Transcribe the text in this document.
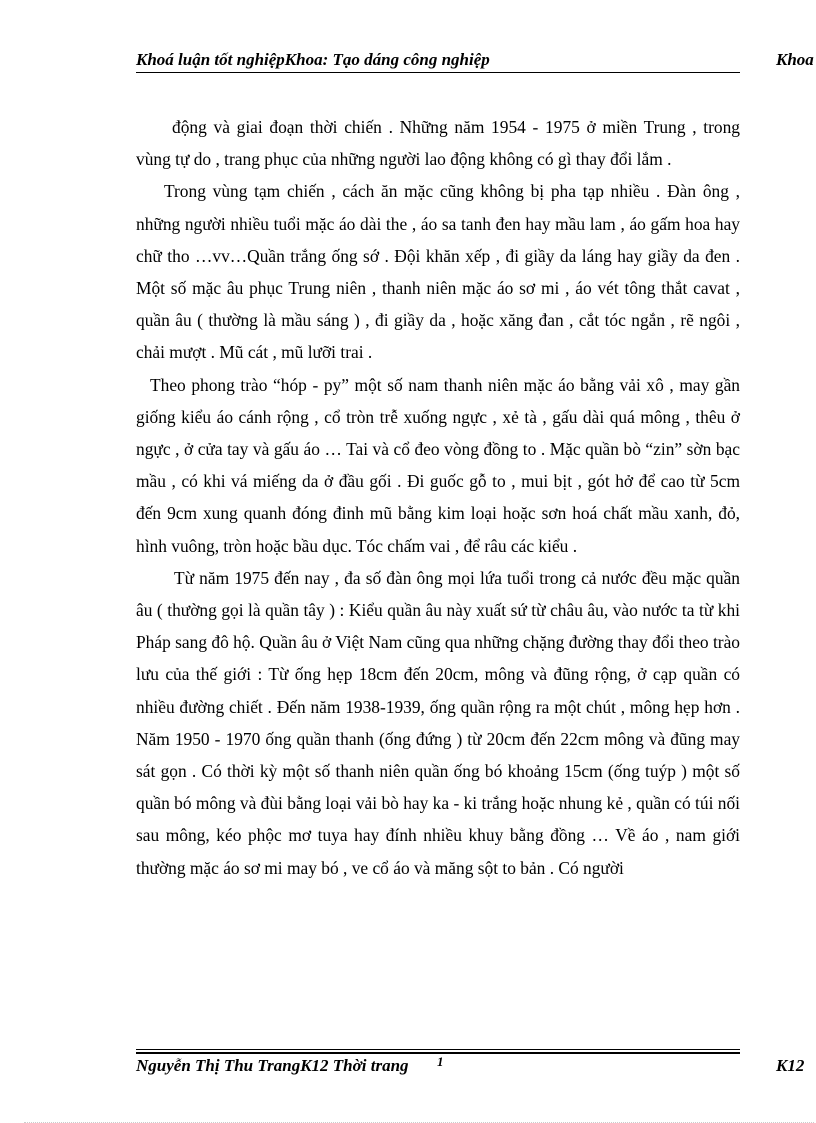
Khoá luận tốt nghiệpKhoa: Tạo dáng công nghiệp	Khoa

động và giai đoạn thời chiến . Những năm 1954 - 1975 ở miền Trung , trong vùng tự do , trang phục của những người lao động không có gì thay đổi lắm .

Trong vùng tạm chiến , cách ăn mặc cũng không bị pha tạp nhiều . Đàn ông , những người nhiều tuổi mặc áo dài the , áo sa tanh đen hay mầu lam , áo gấm hoa hay chữ tho …vv…Quần trắng ống sớ . Đội khăn xếp , đi giầy da láng hay giầy da đen . Một số mặc âu phục Trung niên , thanh niên mặc áo sơ mi , áo vét tông thắt cavat , quần âu ( thường là mầu sáng ) , đi giầy da , hoặc xăng đan , cắt tóc ngắn , rẽ ngôi , chải mượt . Mũ cát , mũ lưỡi trai .

Theo phong trào “hóp - py” một số nam thanh niên mặc áo bằng vải xô , may gần giống kiểu áo cánh rộng , cổ tròn trễ xuống ngực , xẻ tà , gấu dài quá mông , thêu ở ngực , ở cửa tay và gấu áo … Tai và cổ đeo vòng đồng to . Mặc quần bò “zin” sờn bạc mầu , có khi vá miếng da ở đầu gối . Đi guốc gỗ to , mui bịt , gót hở để cao từ 5cm đến 9cm xung quanh đóng đinh mũ bằng kim loại hoặc sơn hoá chất mầu xanh, đỏ, hình vuông, tròn hoặc bầu dục. Tóc chấm vai , để râu các kiểu .

Từ năm 1975 đến nay , đa số đàn ông mọi lứa tuổi trong cả nước đều mặc quần âu ( thường gọi là quần tây ) : Kiểu quần âu này xuất sứ từ châu âu, vào nước ta từ khi Pháp sang đô hộ. Quần âu ở Việt Nam cũng qua những chặng đường thay đổi theo trào lưu của thế giới : Từ ống hẹp 18cm đến 20cm, mông và đũng rộng, ở cạp quần có nhiều đường chiết . Đến năm 1938-1939, ống quần rộng ra một chút , mông hẹp hơn . Năm 1950 - 1970 ống quần thanh (ống đứng ) từ 20cm đến 22cm mông và đũng may sát gọn . Có thời kỳ một số thanh niên quần ống bó khoảng 15cm (ống tuýp ) một số quần bó mông và đùi bằng loại vải bò hay ka - ki trắng hoặc nhung kẻ , quần có túi nối sau mông, kéo phộc mơ tuya hay đính nhiều khuy bằng đồng … Về áo , nam giới thường mặc áo sơ mi may bó , ve cổ áo và măng sột to bản . Có người

Nguyễn Thị Thu TrangK12 Thời trang 1	K12
